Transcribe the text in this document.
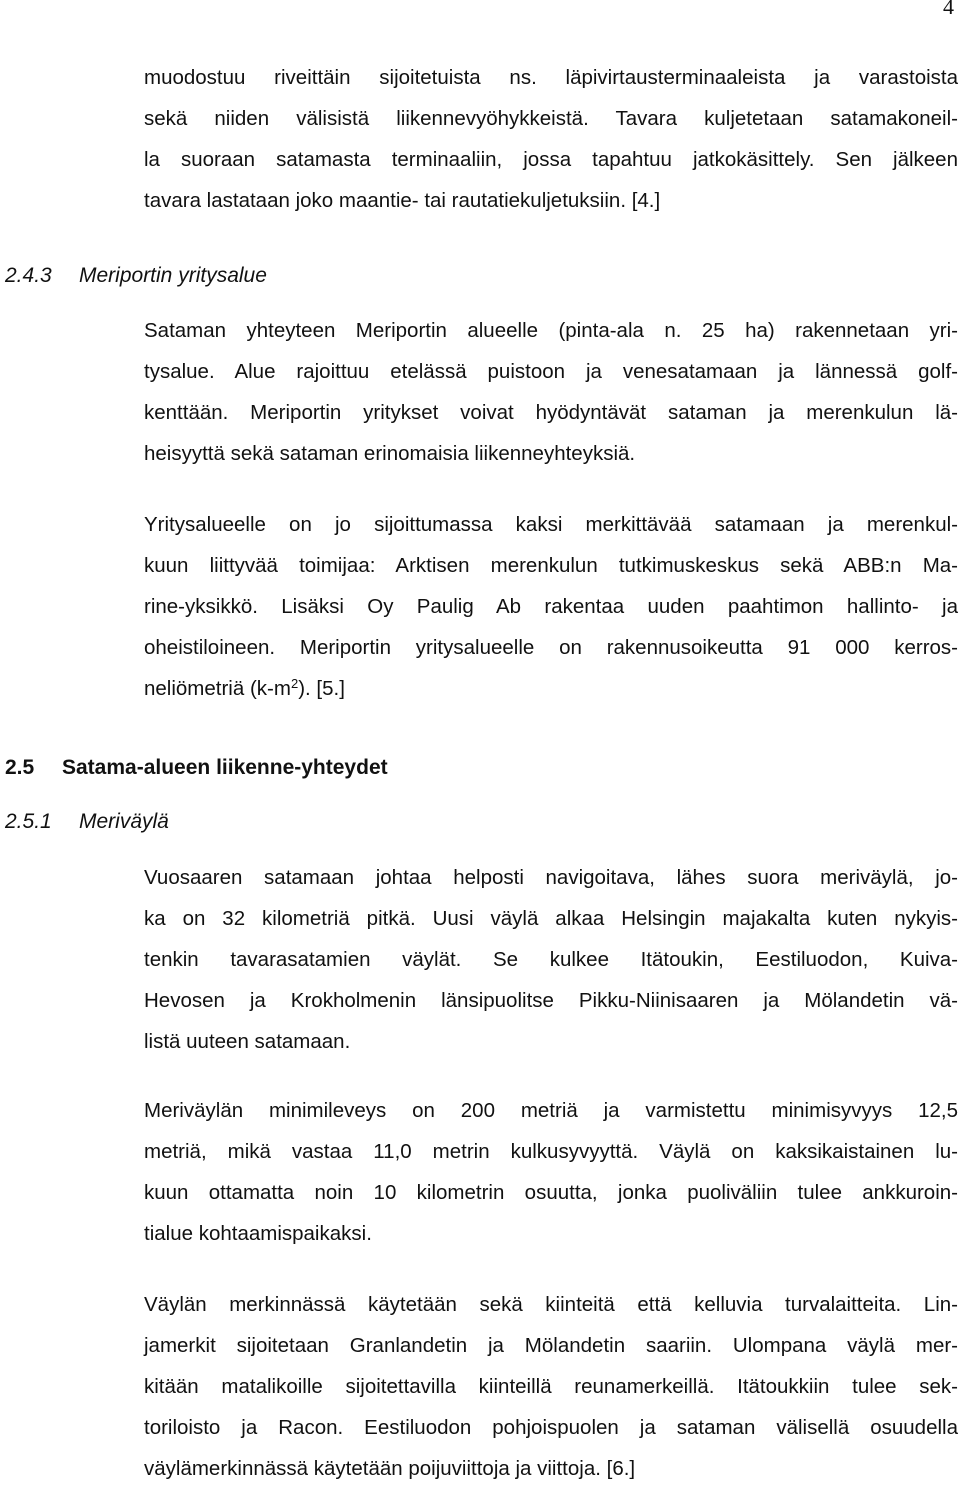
4
muodostuu riveittäin sijoitetuista ns. läpivirtausterminaaleista ja varastoista
sekä niiden välisistä liikennevyöhykkeistä. Tavara kuljetetaan satamakoneil-
la suoraan satamasta terminaaliin, jossa tapahtuu jatkokäsittely. Sen jälkeen
tavara lastataan joko maantie- tai rautatiekuljetuksiin. [4.]
2.4.3 Meriportin yritysalue
Sataman yhteyteen Meriportin alueelle (pinta-ala n. 25 ha) rakennetaan yri-
tysalue. Alue rajoittuu etelässä puistoon ja venesatamaan ja lännessä golf-
kenttään. Meriportin yritykset voivat hyödyntävät sataman ja merenkulun lä-
heisyyttä sekä sataman erinomaisia liikenneyhteyksiä.
Yritysalueelle on jo sijoittumassa kaksi merkittävää satamaan ja merenkul-
kuun liittyvää toimijaa: Arktisen merenkulun tutkimuskeskus sekä ABB:n Ma-
rine-yksikkö. Lisäksi Oy Paulig Ab rakentaa uuden paahtimon hallinto- ja
oheistiloineen. Meriportin yritysalueelle on rakennusoikeutta 91 000 kerros-
neliömetriä $(k-m^2)$. [5.]
2.5 Satama-alueen liikenne-yhteydet
2.5.1 Meriväylä
Vuosaaren satamaan johtaa helposti navigoitava, lähes suora meriväylä, jo-
ka on 32 kilometriä pitkä. Uusi väylä alkaa Helsingin majakalta kuten nykyis-
tenkin tavarasatamien väylät. Se kulkee Itätoukin, Eestiluodon, Kuiva-
Hevosen ja Krokholmenin länsipuolitse Pikku-Niinisaaren ja Mölandetin vä-
listä uuteen satamaan.
Meriväylän minimileveys on 200 metriä ja varmistettu minimisyvyys 12,5
metriä, mikä vastaa 11,0 metrin kulkusyvyyttä. Väylä on kaksikaistainen lu-
kuun ottamatta noin 10 kilometrin osuutta, jonka puoliväliin tulee ankkuroin-
tialue kohtaamispaikaksi.
Väylän merkinnässä käytetään sekä kiinteitä että kelluvia turvalaitteita. Lin-
jamerkit sijoitetaan Granlandetin ja Mölandetin saariin. Ulompana väylä mer-
kitään matalikoille sijoitettavilla kiinteillä reunamerkeillä. Itätoukkiin tulee sek-
toriloisto ja Racon. Eestiluodon pohjoispuolen ja sataman välisellä osuudella
väylämerkinnässä käytetään poijuviittoja ja viittoja. [6.]
